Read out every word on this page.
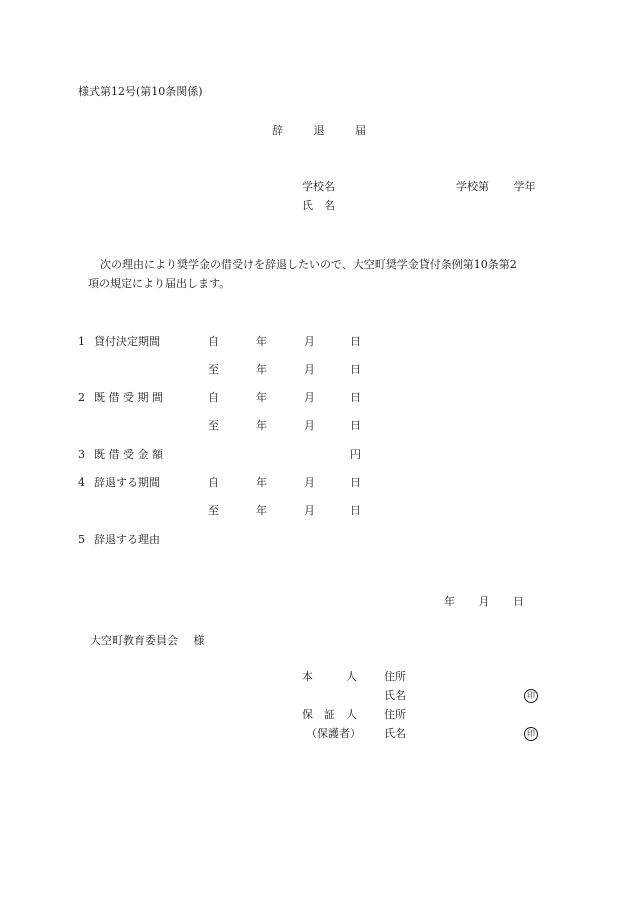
様式第12号(第10条関係)
辞	退	届
学校名	学校第 学年
氏　名
次の理由により奨学金の借受けを辞退したいので、大空町奨学金貸付条例第10条第2
項の規定により届出します。
1 貸付決定期間	自	年	月	日
至	年	月	日
2 既 借 受 期 間	自	年	月	日
至	年	月	日
3 既 借 受 金 額	円
4 辞退する期間	自	年	月	日
至	年	月	日
5 辞退する理由
年 月 日
大空町教育委員会 様
本　　　人 住所
氏名	印
保　証　人 住所
（保護者） 氏名	印
